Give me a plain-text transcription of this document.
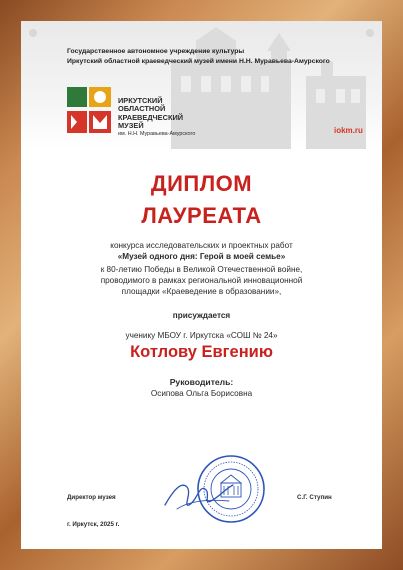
Государственное автономное учреждение культуры
Иркутский областной краеведческий музей имени Н.Н. Муравьева-Амурского
ИРКУТСКИЙ
ОБЛАСТНОЙ
КРАЕВЕДЧЕСКИЙ
МУЗЕЙ
им. Н.Н. Муравьева-Амурского	iokm.ru
ДИПЛОМ
ЛАУРЕАТА
конкурса исследовательских и проектных работ
«Музей одного дня: Герой в моей семье»
к 80-летию Победы в Великой Отечественной войне,
проводимого в рамках региональной инновационной
площадки «Краеведение в образовании»,
присуждается
ученику МБОУ г. Иркутска «СОШ № 24»
Котлову Евгению
Руководитель:
Осипова Ольга Борисовна
Директор музея	С.Г. Ступин
г. Иркутск, 2025 г.
